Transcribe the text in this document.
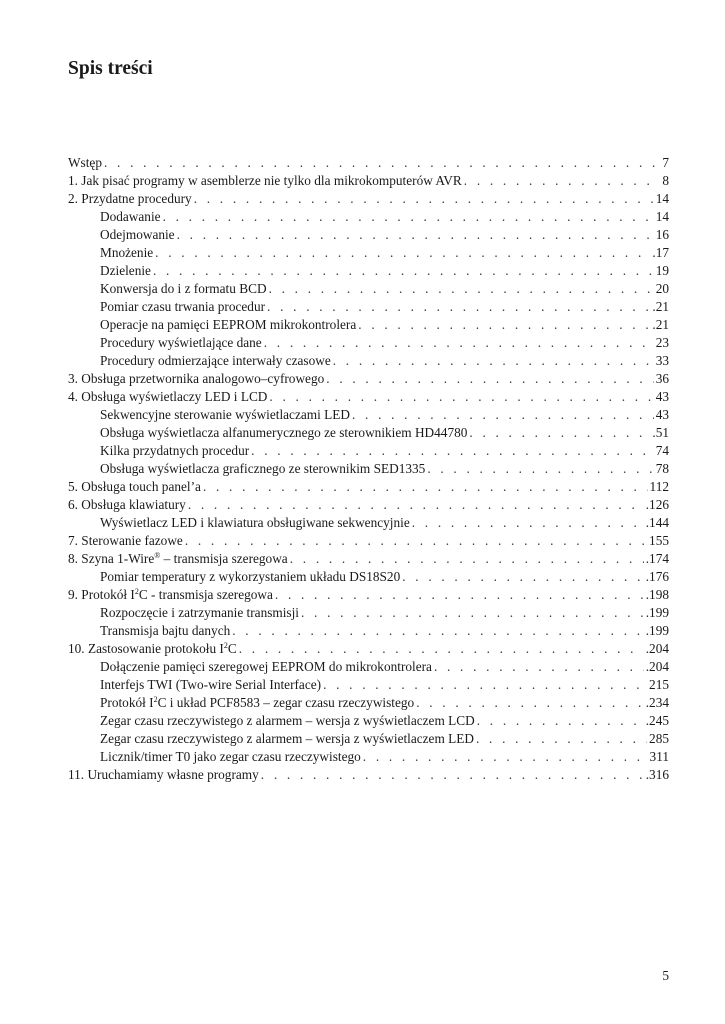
Spis treści
Wstęp . . .	7
1. Jak pisać programy w asemblerze nie tylko dla mikrokomputerów AVR . . .	8
2. Przydatne procedury . . .	14
Dodawanie . . .	14
Odejmowanie . . .	16
Mnożenie . . .	.17
Dzielenie . . .	19
Konwersja do i z formatu BCD . . .	20
Pomiar czasu trwania procedur . . .	.21
Operacje na pamięci EEPROM mikrokontrolera . . .	.21
Procedury wyświetlające dane . . .	23
Procedury odmierzające interwały czasowe . . .	33
3. Obsługa przetwornika analogowo–cyfrowego . . .	36
4. Obsługa wyświetlaczy LED i LCD . . .	43
Sekwencyjne sterowanie wyświetlaczami LED . . .	43
Obsługa wyświetlacza alfanumerycznego ze sterownikiem HD44780 . . .	.51
Kilka przydatnych procedur . . .	74
Obsługa wyświetlacza graficznego ze sterownikim SED1335 . . .	78
5. Obsługa touch panel’a . . .	112
6. Obsługa klawiatury . . .	.126
Wyświetlacz LED i klawiatura obsługiwane sekwencyjnie . . .	.144
7. Sterowanie fazowe . . .	155
8. Szyna 1-Wire® – transmisja szeregowa . . .	.174
Pomiar temperatury z wykorzystaniem układu DS18S20 . . .	.176
9. Protokół $I^2C$ - transmisja szeregowa . . .	.198
Rozpoczęcie i zatrzymanie transmisji . . .	.199
Transmisja bajtu danych . . .	.199
10. Zastosowanie protokołu $I^2C$ . . .	.204
Dołączenie pamięci szeregowej EEPROM do mikrokontrolera . . .	.204
Interfejs TWI (Two-wire Serial Interface) . . .	215
Protokół $I^2C$ i układ PCF8583 – zegar czasu rzeczywistego . . .	.234
Zegar czasu rzeczywistego z alarmem – wersja z wyświetlaczem LCD . . .	.245
Zegar czasu rzeczywistego z alarmem – wersja z wyświetlaczem LED . . .	285
Licznik/timer T0 jako zegar czasu rzeczywistego . . .	311
11. Uruchamiamy własne programy . . .	.316
5
